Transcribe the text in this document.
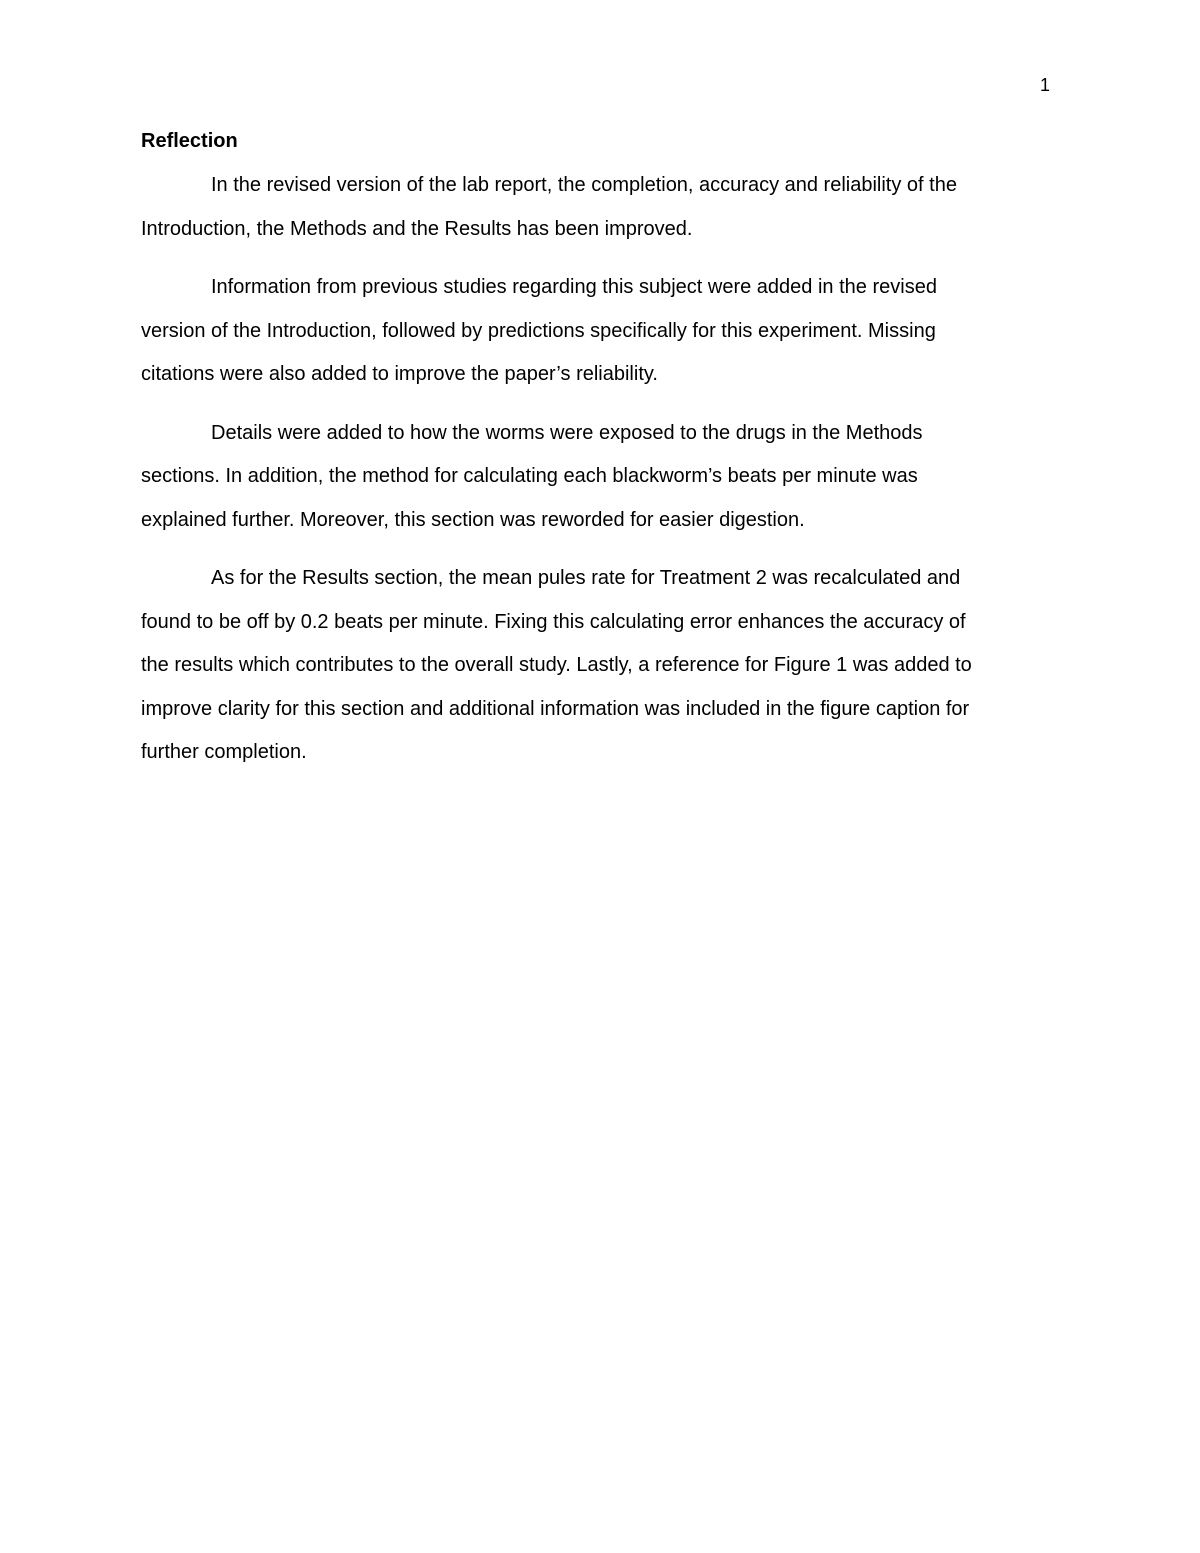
1
Reflection
In the revised version of the lab report, the completion, accuracy and reliability of the
Introduction, the Methods and the Results has been improved.
Information from previous studies regarding this subject were added in the revised
version of the Introduction, followed by predictions specifically for this experiment. Missing
citations were also added to improve the paper’s reliability.
Details were added to how the worms were exposed to the drugs in the Methods
sections. In addition, the method for calculating each blackworm’s beats per minute was
explained further. Moreover, this section was reworded for easier digestion.
As for the Results section, the mean pules rate for Treatment 2 was recalculated and
found to be off by 0.2 beats per minute. Fixing this calculating error enhances the accuracy of
the results which contributes to the overall study. Lastly, a reference for Figure 1 was added to
improve clarity for this section and additional information was included in the figure caption for
further completion.
